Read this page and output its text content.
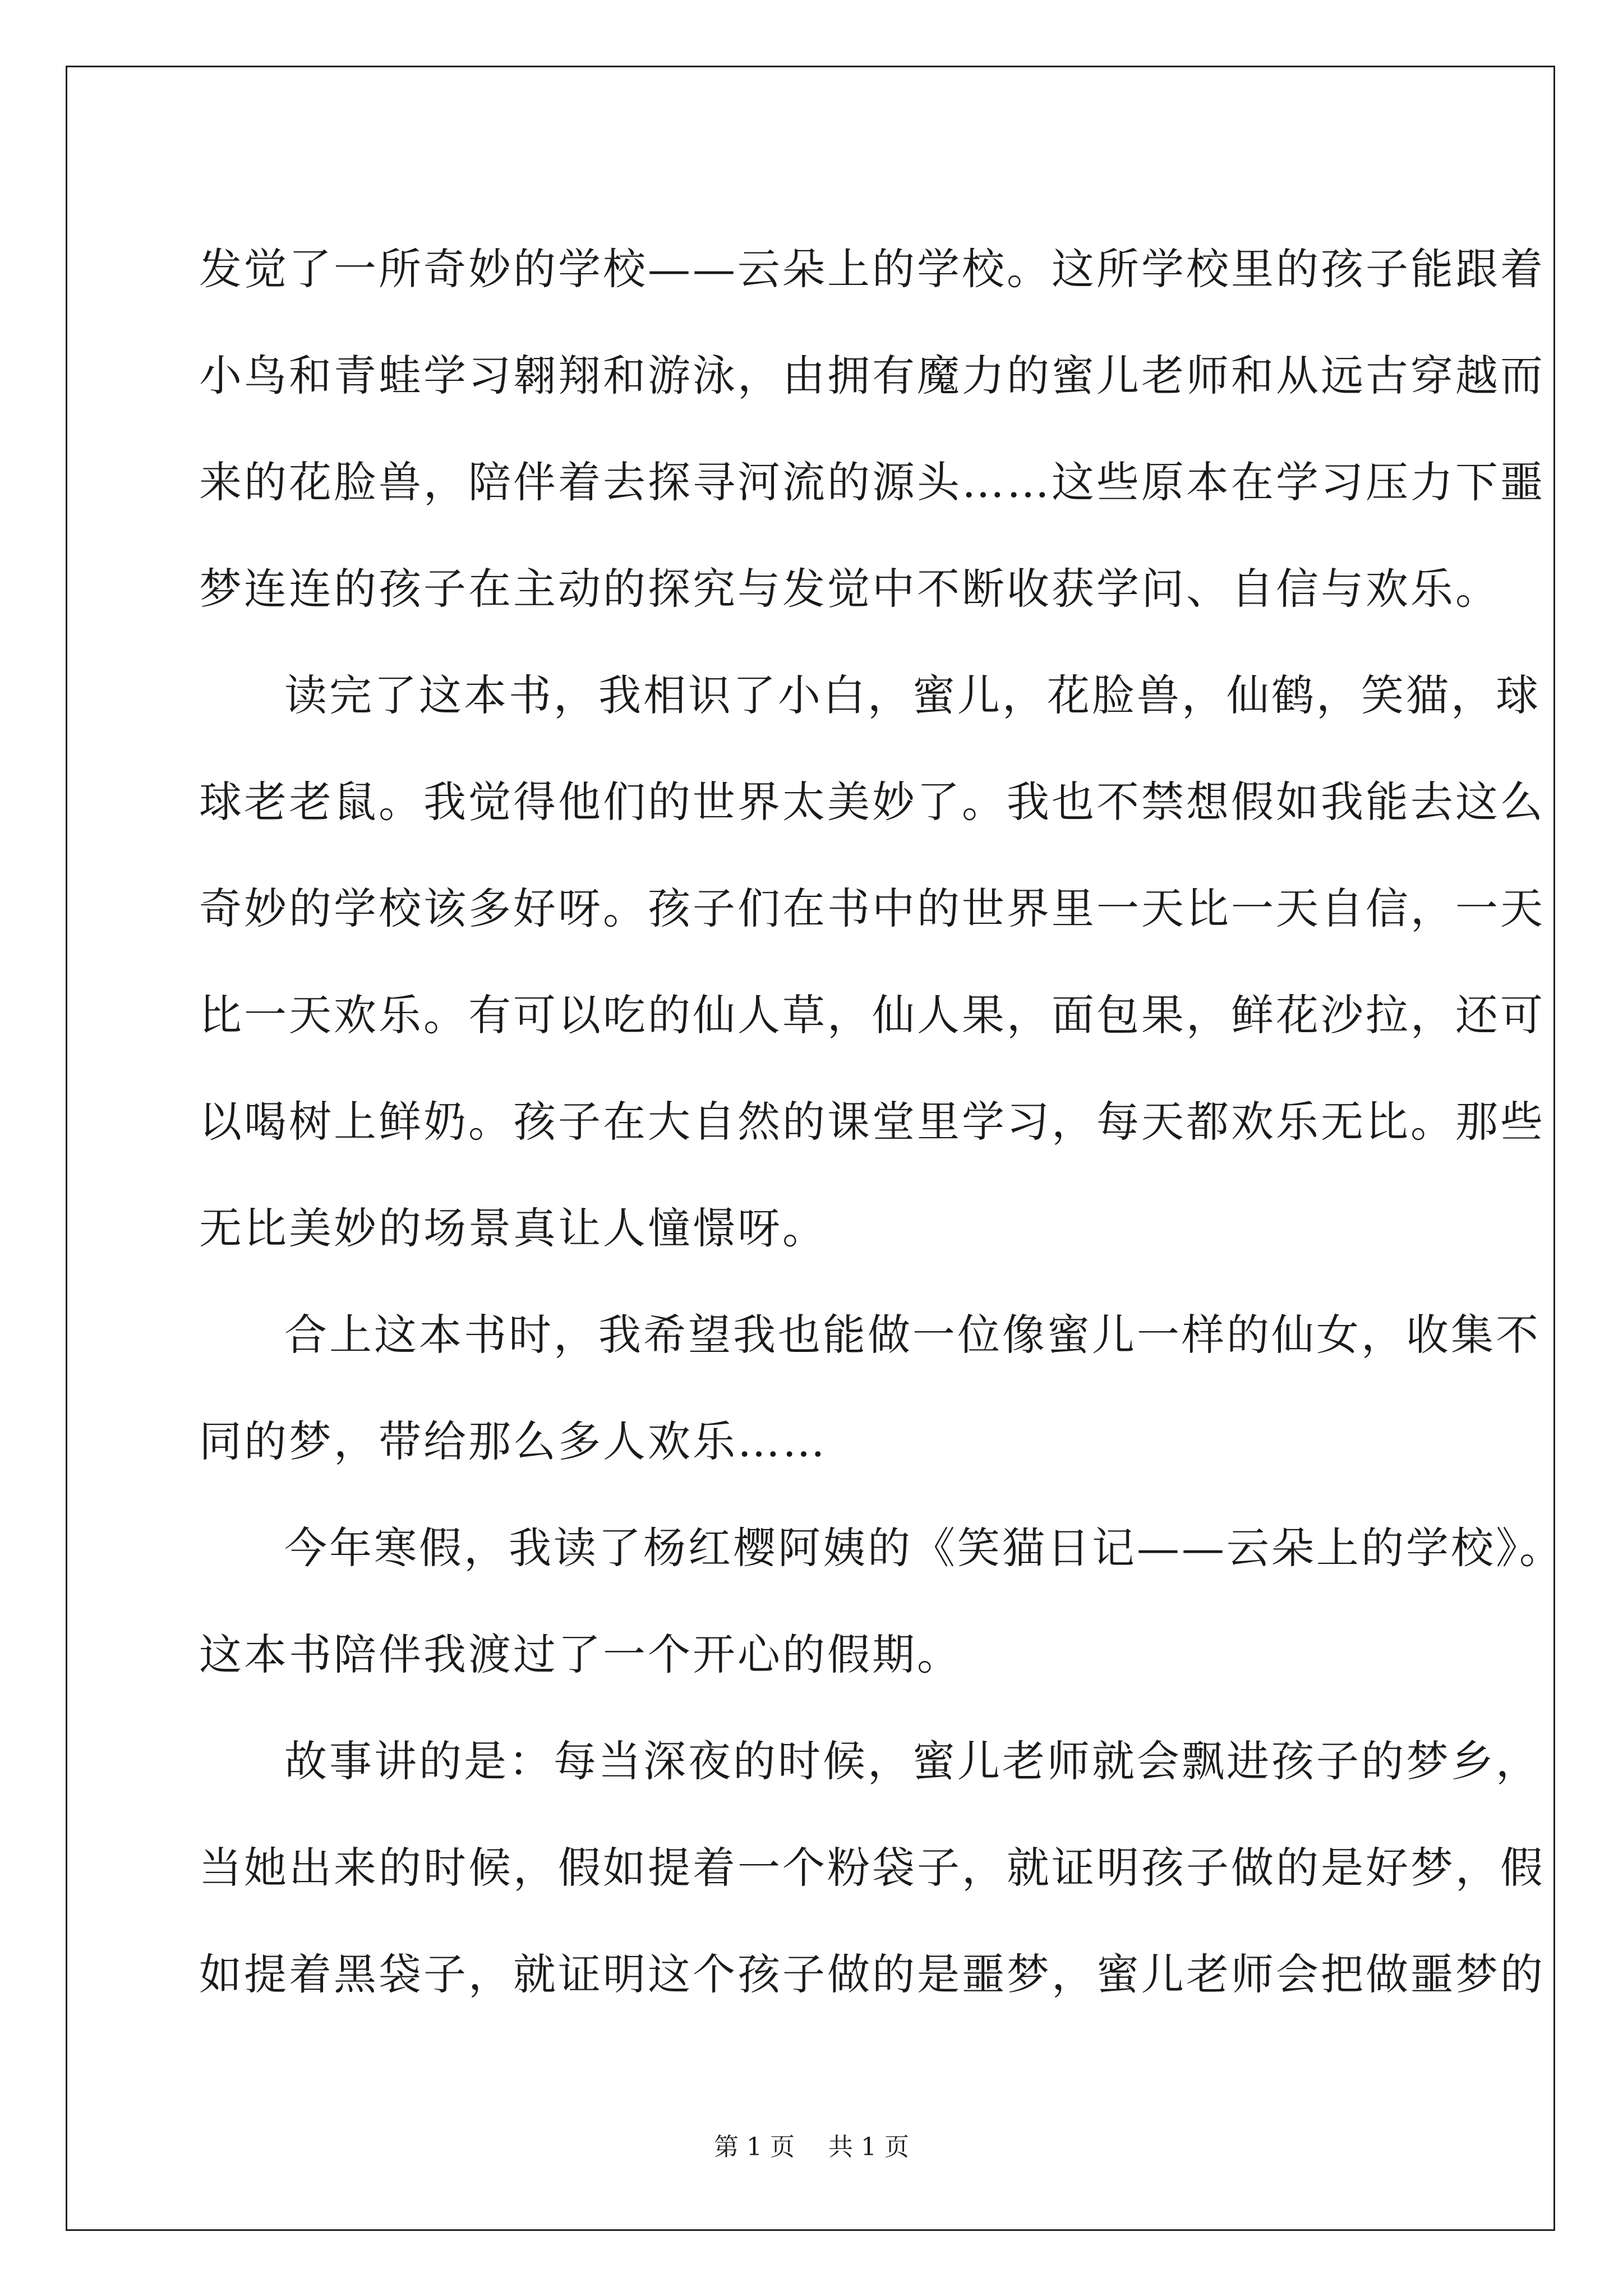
发觉了一所奇妙的学校——云朵上的学校。这所学校里的孩子能跟着

小鸟和青蛙学习翱翔和游泳，由拥有魔力的蜜儿老师和从远古穿越而

来的花脸兽，陪伴着去探寻河流的源头……这些原本在学习压力下噩

梦连连的孩子在主动的探究与发觉中不断收获学问、自信与欢乐。

读完了这本书，我相识了小白，蜜儿，花脸兽，仙鹤，笑猫，球

球老老鼠。我觉得他们的世界太美妙了。我也不禁想假如我能去这么

奇妙的学校该多好呀。孩子们在书中的世界里一天比一天自信，一天

比一天欢乐。有可以吃的仙人草，仙人果，面包果，鲜花沙拉，还可

以喝树上鲜奶。孩子在大自然的课堂里学习，每天都欢乐无比。那些

无比美妙的场景真让人憧憬呀。

合上这本书时，我希望我也能做一位像蜜儿一样的仙女，收集不

同的梦，带给那么多人欢乐……

今年寒假，我读了杨红樱阿姨的《笑猫日记——云朵上的学校》。

这本书陪伴我渡过了一个开心的假期。

故事讲的是：每当深夜的时候，蜜儿老师就会飘进孩子的梦乡，

当她出来的时候，假如提着一个粉袋子，就证明孩子做的是好梦，假

如提着黑袋子，就证明这个孩子做的是噩梦，蜜儿老师会把做噩梦的

第 1 页 共 1 页
